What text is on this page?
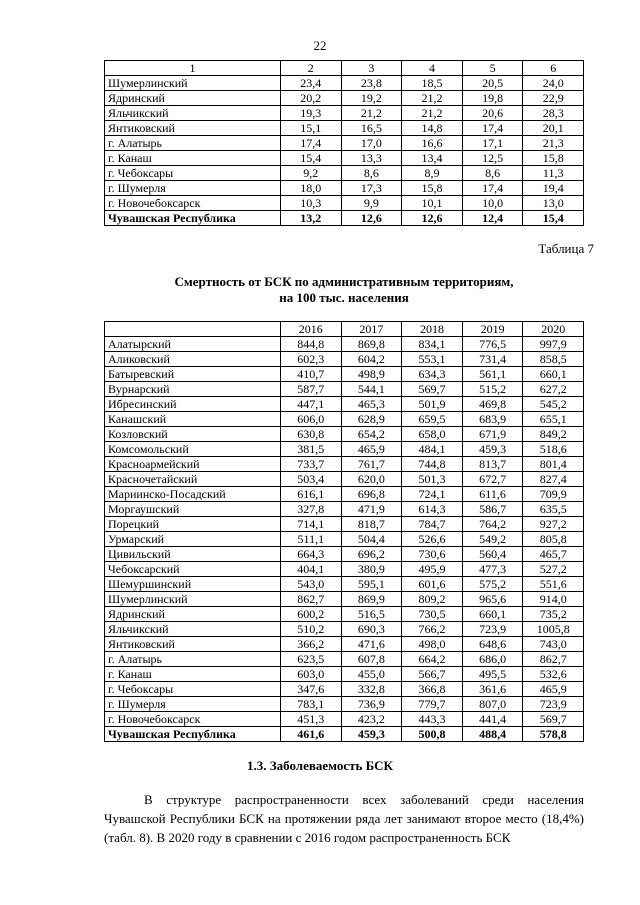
22
1	2	3	4	5	6
Шумерлинский	23,4	23,8	18,5	20,5	24,0
Ядринский	20,2	19,2	21,2	19,8	22,9
Яльчикский	19,3	21,2	21,2	20,6	28,3
Янтиковский	15,1	16,5	14,8	17,4	20,1
г. Алатырь	17,4	17,0	16,6	17,1	21,3
г. Канаш	15,4	13,3	13,4	12,5	15,8
г. Чебоксары	9,2	8,6	8,9	8,6	11,3
г. Шумерля	18,0	17,3	15,8	17,4	19,4
г. Новочебоксарск	10,3	9,9	10,1	10,0	13,0
Чувашская Республика	13,2	12,6	12,6	12,4	15,4
Таблица 7
Смертность от БСК по административным территориям,
на 100 тыс. населения
	2016	2017	2018	2019	2020
Алатырский	844,8	869,8	834,1	776,5	997,9
Аликовский	602,3	604,2	553,1	731,4	858,5
Батыревский	410,7	498,9	634,3	561,1	660,1
Вурнарский	587,7	544,1	569,7	515,2	627,2
Ибресинский	447,1	465,3	501,9	469,8	545,2
Канашский	606,0	628,9	659,5	683,9	655,1
Козловский	630,8	654,2	658,0	671,9	849,2
Комсомольский	381,5	465,9	484,1	459,3	518,6
Красноармейский	733,7	761,7	744,8	813,7	801,4
Красночетайский	503,4	620,0	501,3	672,7	827,4
Мариинско-Посадский	616,1	696,8	724,1	611,6	709,9
Моргаушский	327,8	471,9	614,3	586,7	635,5
Порецкий	714,1	818,7	784,7	764,2	927,2
Урмарский	511,1	504,4	526,6	549,2	805,8
Цивильский	664,3	696,2	730,6	560,4	465,7
Чебоксарский	404,1	380,9	495,9	477,3	527,2
Шемуршинский	543,0	595,1	601,6	575,2	551,6
Шумерлинский	862,7	869,9	809,2	965,6	914,0
Ядринский	600,2	516,5	730,5	660,1	735,2
Яльчикский	510,2	690,3	766,2	723,9	1005,8
Янтиковский	366,2	471,6	498,0	648,6	743,0
г. Алатырь	623,5	607,8	664,2	686,0	862,7
г. Канаш	603,0	455,0	566,7	495,5	532,6
г. Чебоксары	347,6	332,8	366,8	361,6	465,9
г. Шумерля	783,1	736,9	779,7	807,0	723,9
г. Новочебоксарск	451,3	423,2	443,3	441,4	569,7
Чувашская Республика	461,6	459,3	500,8	488,4	578,8
1.3. Заболеваемость БСК
В структуре распространенности всех заболеваний среди населения Чувашской Республики БСК на протяжении ряда лет занимают второе место (18,4%) (табл. 8). В 2020 году в сравнении с 2016 годом распространенность БСК
